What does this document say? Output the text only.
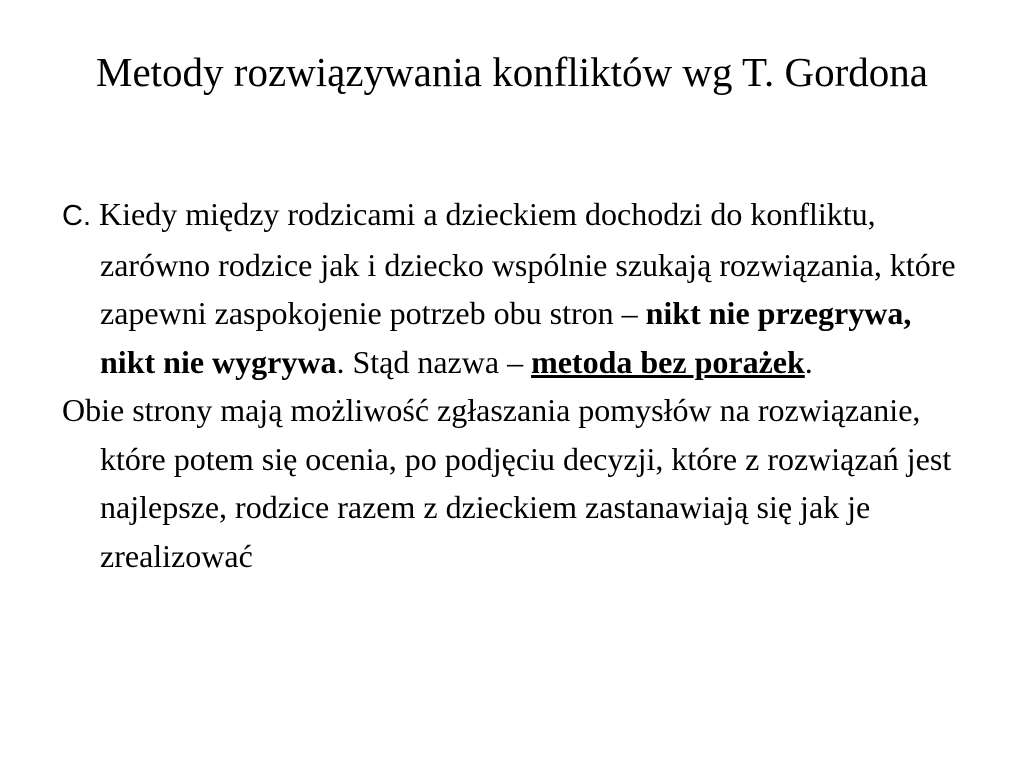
Metody rozwiązywania konfliktów wg T. Gordona

C. Kiedy między rodzicami a dzieckiem dochodzi do konfliktu, zarówno rodzice jak i dziecko wspólnie szukają rozwiązania, które zapewni zaspokojenie potrzeb obu stron – nikt nie przegrywa, nikt nie wygrywa. Stąd nazwa – metoda bez porażek.

Obie strony mają możliwość zgłaszania pomysłów na rozwiązanie, które potem się ocenia, po podjęciu decyzji, które z rozwiązań jest najlepsze, rodzice razem z dzieckiem zastanawiają się jak je zrealizować
